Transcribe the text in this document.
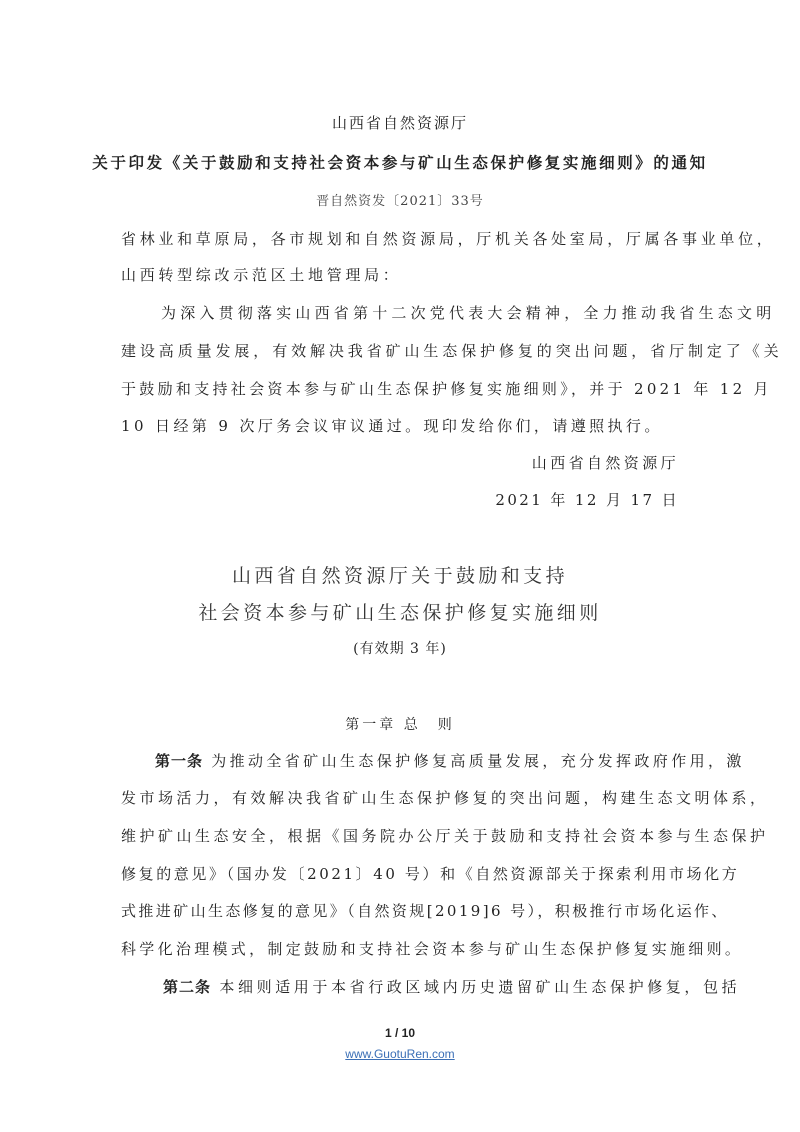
山西省自然资源厅
关于印发《关于鼓励和支持社会资本参与矿山生态保护修复实施细则》的通知
晋自然资发〔2021〕33号
省林业和草原局，各市规划和自然资源局，厅机关各处室局，厅属各事业单位，
山西转型综改示范区土地管理局：
为深入贯彻落实山西省第十二次党代表大会精神，全力推动我省生态文明
建设高质量发展，有效解决我省矿山生态保护修复的突出问题，省厅制定了《关
于鼓励和支持社会资本参与矿山生态保护修复实施细则》，并于 2021 年 12 月
10 日经第 9 次厅务会议审议通过。现印发给你们，请遵照执行。
山西省自然资源厅
2021 年 12 月 17 日
山西省自然资源厅关于鼓励和支持
社会资本参与矿山生态保护修复实施细则
(有效期 3 年)
第一章 总　则
第一条 为推动全省矿山生态保护修复高质量发展，充分发挥政府作用，激
发市场活力，有效解决我省矿山生态保护修复的突出问题，构建生态文明体系，
维护矿山生态安全，根据《国务院办公厅关于鼓励和支持社会资本参与生态保护
修复的意见》（国办发〔2021〕40 号）和《自然资源部关于探索利用市场化方
式推进矿山生态修复的意见》（自然资规[2019]6 号），积极推行市场化运作、
科学化治理模式，制定鼓励和支持社会资本参与矿山生态保护修复实施细则。
第二条 本细则适用于本省行政区域内历史遗留矿山生态保护修复，包括
1 / 10
www.GuotuRen.com
